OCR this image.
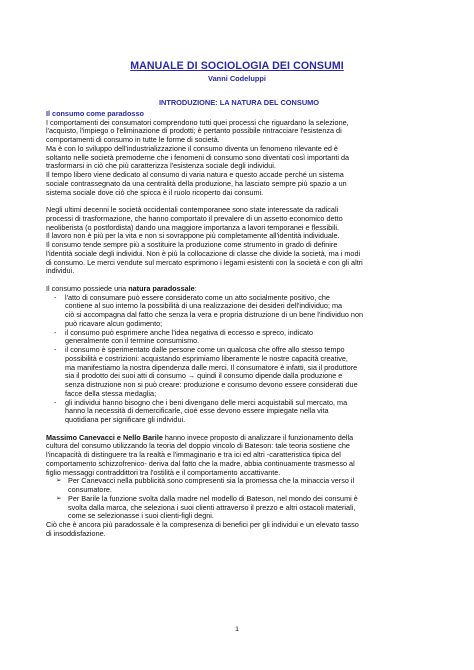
MANUALE DI SOCIOLOGIA DEI CONSUMI
Vanni Codeluppi
INTRODUZIONE: LA NATURA DEL CONSUMO

Il consumo come paradosso

I comportamenti dei consumatori comprendono tutti quei processi che riguardano la selezione,

l'acquisto, l'impiego o l'eliminazione di prodotti; è pertanto possibile rintracciare l'esistenza di

comportamenti di consumo in tutte le forme di società.

Ma è con lo sviluppo dell'industrializzazione il consumo diventa un fenomeno rilevante ed è

soltanto nelle società premoderne che i fenomeni di consumo sono diventati così importanti da

trasformarsi in ciò che più caratterizza l'esistenza sociale degli individui.

Il tempo libero viene dedicato al consumo di varia natura e questo accade perché un sistema

sociale contrassegnato da una centralità della produzione, ha lasciato sempre più spazio a un

sistema sociale dove ciò che spicca è il ruolo ricoperto dai consumi.

Negli ultimi decenni le società occidentali contemporanee sono state interessate da radicali

processi di trasformazione, che hanno comportato il prevalere di un assetto economico detto

neoliberista (o postfordista) dando una maggiore importanza a lavori temporanei e flessibili.

Il lavoro non è più per la vita e non si sovrappone più completamente all'identità individuale.

Il consumo tende sempre più a sostituire la produzione come strumento in grado di definire

l'identità sociale degli individui. Non è più la collocazione di classe che divide la società, ma i modi

di consumo. Le merci vendute sul mercato esprimono i legami esistenti con la società e con gli altri

individui.

Il consumo possiede una natura paradossale:

-	l'atto di consumare può essere considerato come un atto socialmente positivo, che

contiene al suo interno la possibilità di una realizzazione dei desideri dell'individuo; ma

ciò si accompagna dal fatto che senza la vera e propria distruzione di un bene l'individuo non

può ricavare alcun godimento;

-	il consumo può esprimere anche l'idea negativa di eccesso e spreco, indicato

generalmente con il termine consumismo.

-	il consumo è sperimentato dalle persone come un qualcosa che offre allo stesso tempo

possibilità e costrizioni: acquistando esprimiamo liberamente le nostre capacità creative,

ma manifestiamo la nostra dipendenza dalle merci. Il consumatore è infatti, sia il produttore

sia il prodotto dei suoi atti di consumo → quindi il consumo dipende dalla produzione e

senza distruzione non si può creare: produzione e consumo devono essere considerati due

facce della stessa medaglia;

-	gli individui hanno bisogno che i beni divengano delle merci acquistabili sul mercato, ma

hanno la necessità di demercificarle, cioè esse devono essere impiegate nella vita

quotidiana per significare gli individui.

Massimo Canevacci e Nello Barile hanno invece proposto di analizzare il funzionamento della

cultura del consumo utilizzando la teoria del doppio vincolo di Bateson: tale teoria sostiene che

l'incapacità di distinguere tra la realtà e l'immaginario e tra ici ed altri -caratteristica tipica del

comportamento schizzofrenico- deriva dal fatto che la madre, abbia continuamente trasmesso al

figlio messaggi contraddittori tra l'ostilità e il comportamento accattivante.

➢ Per Canevacci nella pubblicità sono compresenti sia la promessa che la minaccia verso il

consumatore.

➢ Per Barile la funzione svolta dalla madre nel modello di Bateson, nel mondo dei consumi è

svolta dalla marca, che seleziona i suoi clienti attraverso il prezzo e altri ostacoli materiali,

come se selezionasse i suoi clienti-figli degni.

Ciò che è ancora più paradossale è la compresenza di benefici per gli individui e un elevato tasso

di insoddisfazione.

1
